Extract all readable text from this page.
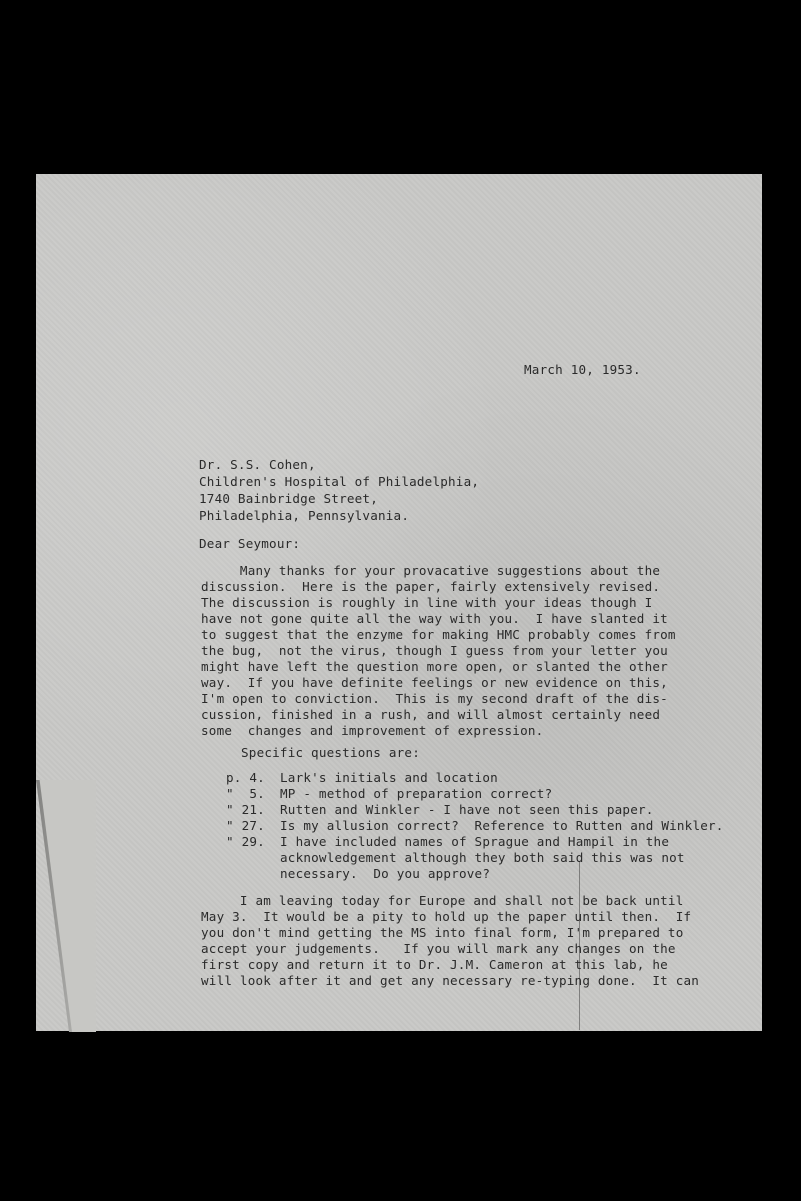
March 10, 1953.
Dr. S.S. Cohen,
Children's Hospital of Philadelphia,
1740 Bainbridge Street,
Philadelphia, Pennsylvania.
Dear Seymour:
Many thanks for your provacative suggestions about the
discussion.  Here is the paper, fairly extensively revised.
The discussion is roughly in line with your ideas though I
have not gone quite all the way with you.  I have slanted it
to suggest that the enzyme for making HMC probably comes from
the bug,  not the virus, though I guess from your letter you
might have left the question more open, or slanted the other
way.  If you have definite feelings or new evidence on this,
I'm open to conviction.  This is my second draft of the dis-
cussion, finished in a rush, and will almost certainly need
some  changes and improvement of expression.
Specific questions are:
p. 4. Lark's initials and location
"  5. MP - method of preparation correct?
" 21. Rutten and Winkler - I have not seen this paper.
" 27. Is my allusion correct?  Reference to Rutten and Winkler.
" 29. I have included names of Sprague and Hampil in the
acknowledgement although they both said this was not
necessary.  Do you approve?
I am leaving today for Europe and shall not be back until
May 3.  It would be a pity to hold up the paper until then.  If
you don't mind getting the MS into final form, I'm prepared to
accept your judgements.   If you will mark any changes on the
first copy and return it to Dr. J.M. Cameron at this lab, he
will look after it and get any necessary re-typing done.  It can
